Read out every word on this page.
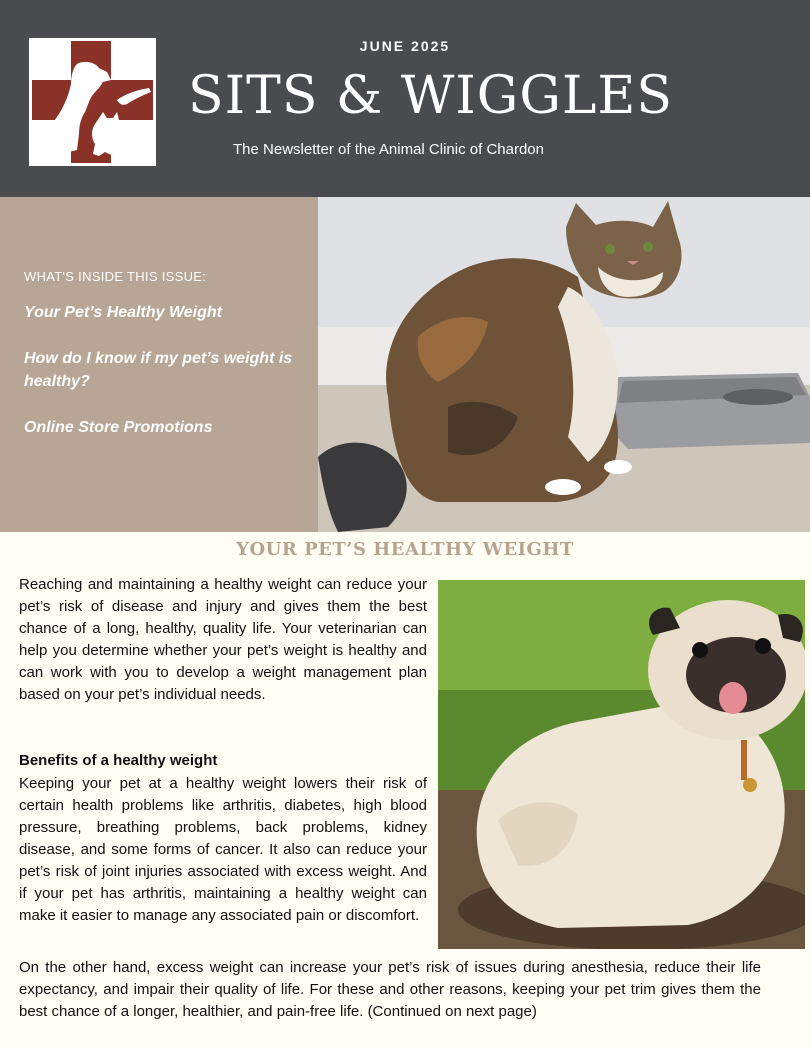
JUNE 2025
SITS & WIGGLES
The Newsletter of the Animal Clinic of Chardon
WHAT'S INSIDE THIS ISSUE:
Your Pet’s Healthy Weight
How do I know if my pet’s weight is healthy?
Online Store Promotions
YOUR PET’S HEALTHY WEIGHT
Reaching and maintaining a healthy weight can reduce your pet’s risk of disease and injury and gives them the best chance of a long, healthy, quality life. Your veterinarian can help you determine whether your pet’s weight is healthy and can work with you to develop a weight management plan based on your pet’s individual needs.
Benefits of a healthy weight
Keeping your pet at a healthy weight lowers their risk of certain health problems like arthritis, diabetes, high blood pressure, breathing problems, back problems, kidney disease, and some forms of cancer. It also can reduce your pet’s risk of joint injuries associated with excess weight. And if your pet has arthritis, maintaining a healthy weight can make it easier to manage any associated pain or discomfort.
On the other hand, excess weight can increase your pet’s risk of issues during anesthesia, reduce their life expectancy, and impair their quality of life. For these and other reasons, keeping your pet trim gives them the best chance of a longer, healthier, and pain-free life. (Continued on next page)
